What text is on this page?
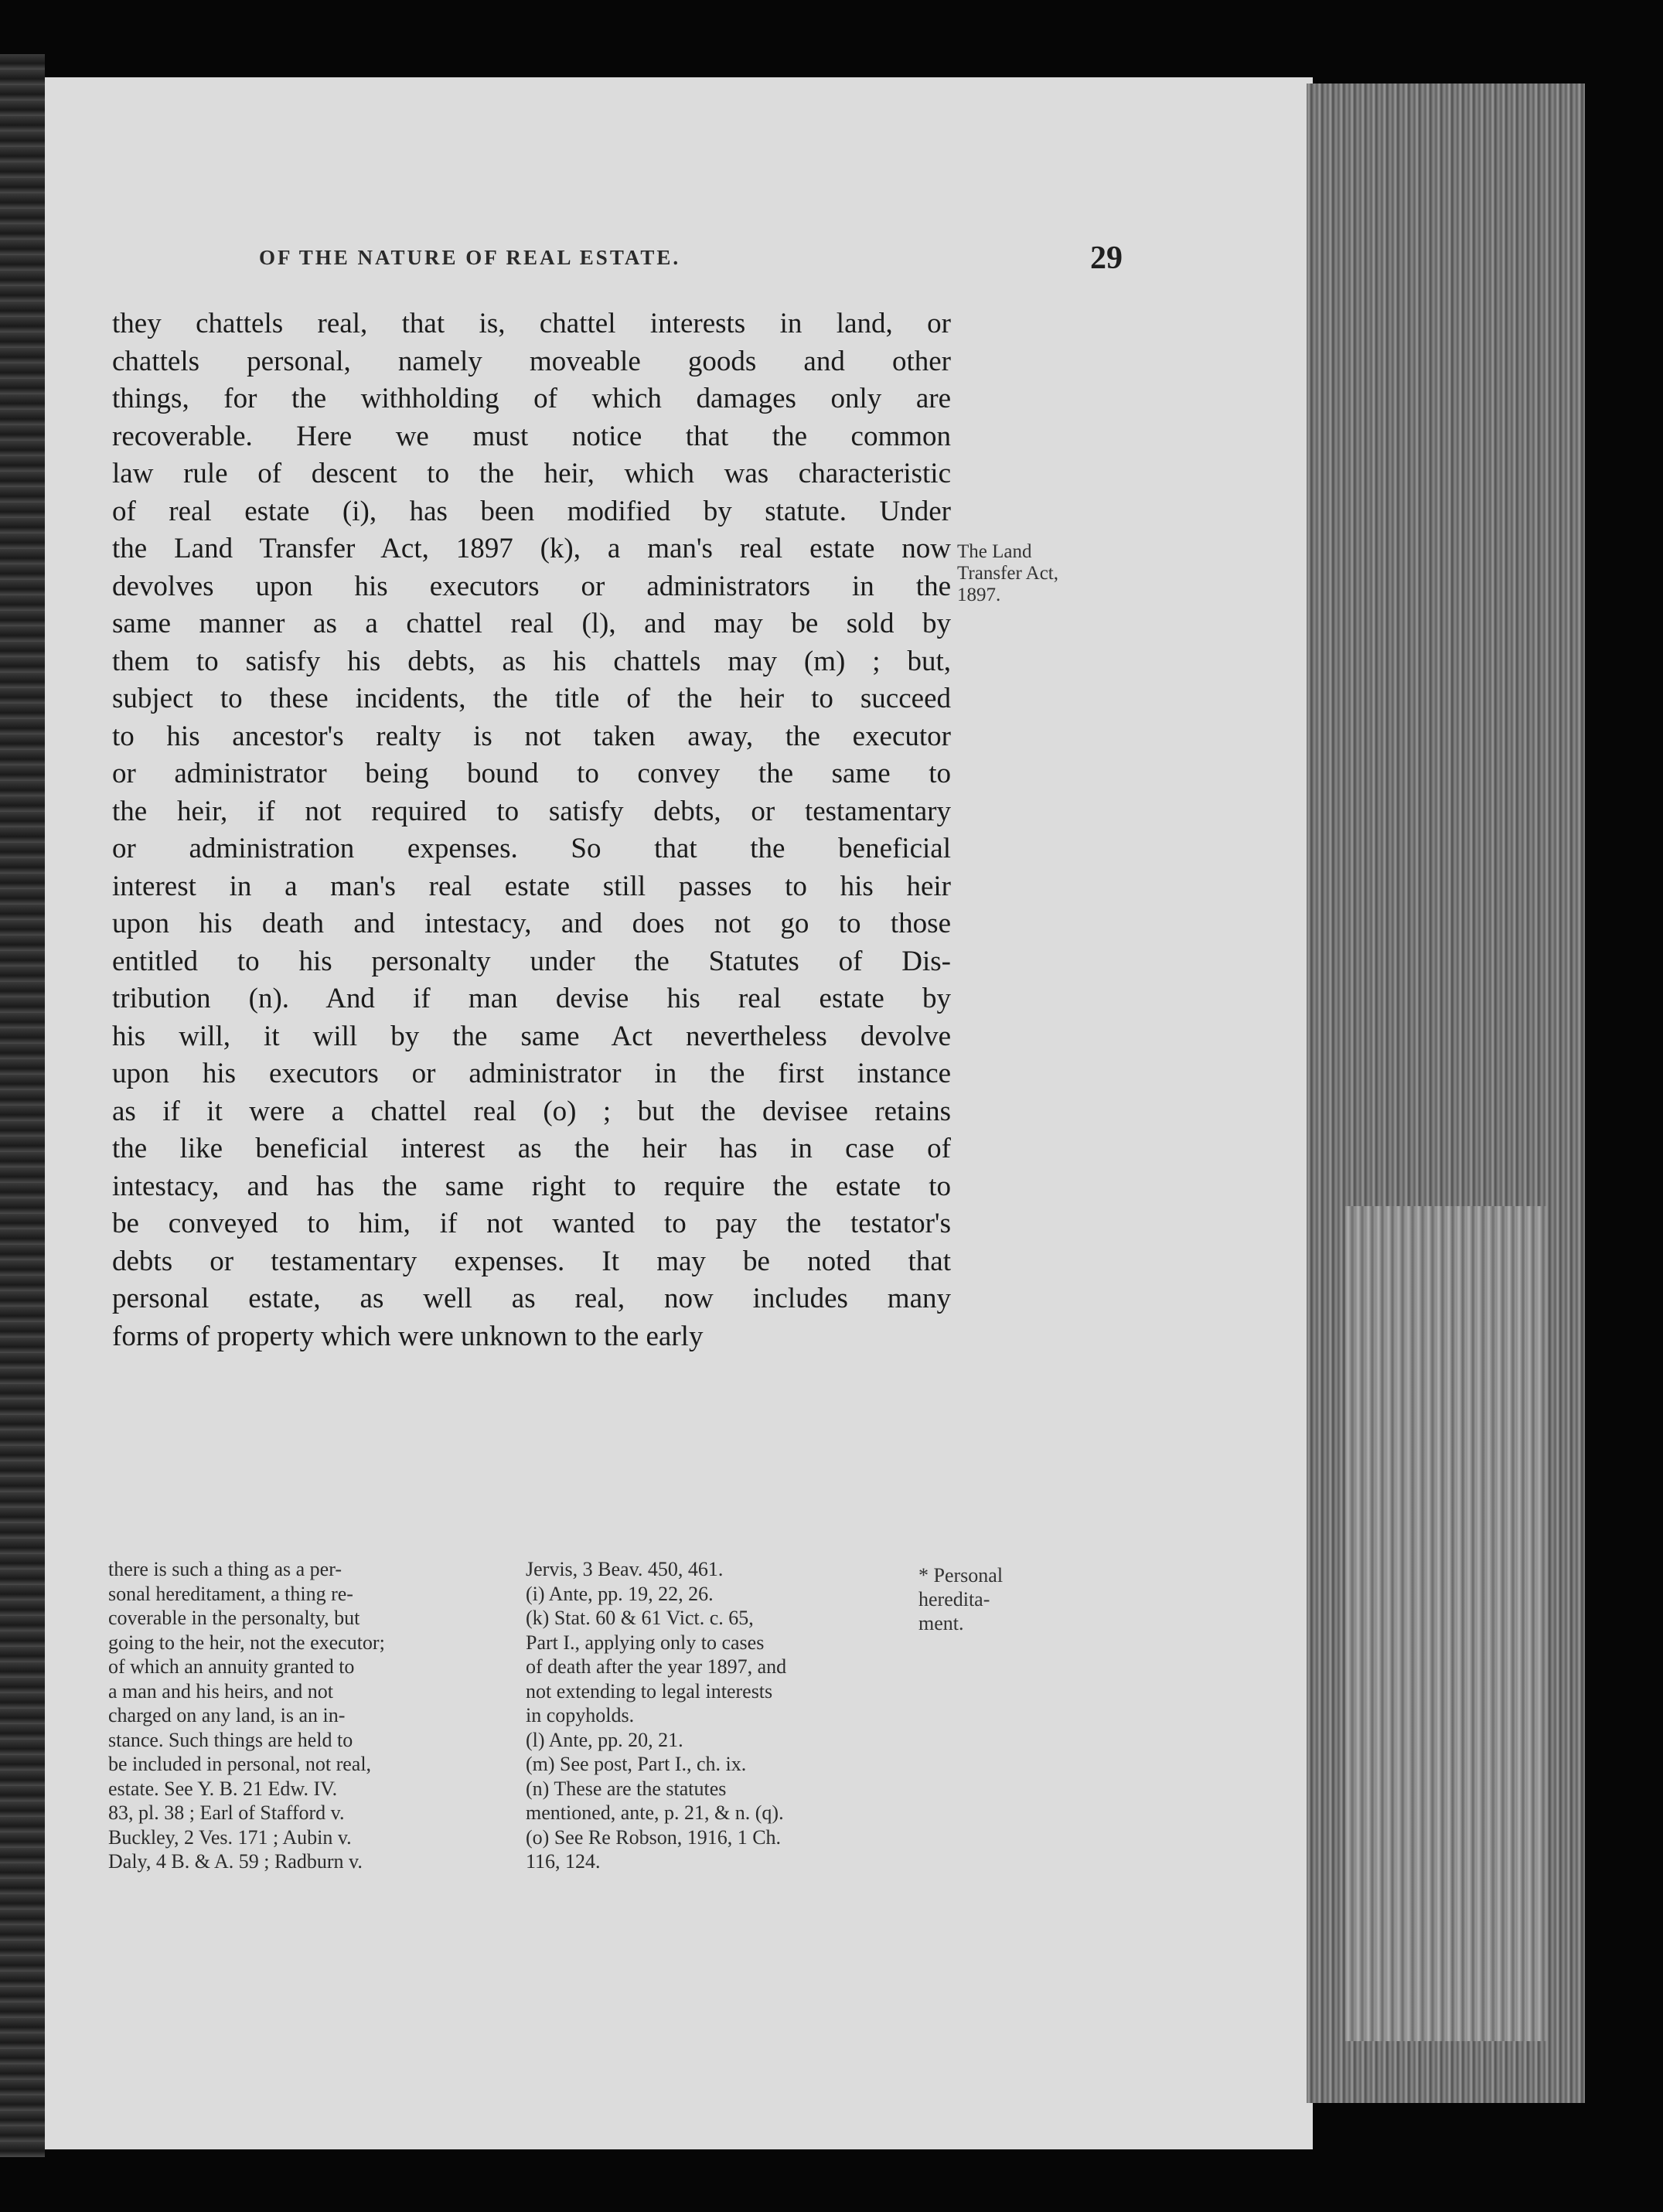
OF THE NATURE OF REAL ESTATE.	29
they chattels real, that is, chattel interests in land, or
chattels personal, namely moveable goods and other
things, for the withholding of which damages only are
recoverable. Here we must notice that the common
law rule of descent to the heir, which was characteristic
of real estate (i), has been modified by statute. Under
the Land Transfer Act, 1897 (k), a man's real estate now
devolves upon his executors or administrators in the
same manner as a chattel real (l), and may be sold by
them to satisfy his debts, as his chattels may (m) ; but,
subject to these incidents, the title of the heir to succeed
to his ancestor's realty is not taken away, the executor
or administrator being bound to convey the same to
the heir, if not required to satisfy debts, or testamentary
or administration expenses. So that the beneficial
interest in a man's real estate still passes to his heir
upon his death and intestacy, and does not go to those
entitled to his personalty under the Statutes of Dis-
tribution (n). And if man devise his real estate by
his will, it will by the same Act nevertheless devolve
upon his executors or administrator in the first instance
as if it were a chattel real (o) ; but the devisee retains
the like beneficial interest as the heir has in case of
intestacy, and has the same right to require the estate to
be conveyed to him, if not wanted to pay the testator's
debts or testamentary expenses. It may be noted that
personal estate, as well as real, now includes many
forms of property which were unknown to the early
The Land
Transfer Act,
1897.
there is such a thing as a per-
sonal hereditament, a thing re-
coverable in the personalty, but
going to the heir, not the executor;
of which an annuity granted to
a man and his heirs, and not
charged on any land, is an in-
stance. Such things are held to
be included in personal, not real,
estate. See Y. B. 21 Edw. IV.
83, pl. 38 ; Earl of Stafford v.
Buckley, 2 Ves. 171 ; Aubin v.
Daly, 4 B. & A. 59 ; Radburn v.
Jervis, 3 Beav. 450, 461.
(i) Ante, pp. 19, 22, 26.
(k) Stat. 60 & 61 Vict. c. 65,
Part I., applying only to cases
of death after the year 1897, and
not extending to legal interests
in copyholds.
(l) Ante, pp. 20, 21.
(m) See post, Part I., ch. ix.
(n) These are the statutes
mentioned, ante, p. 21, & n. (q).
(o) See Re Robson, 1916, 1 Ch.
116, 124.
* Personal
heredita-
ment.
